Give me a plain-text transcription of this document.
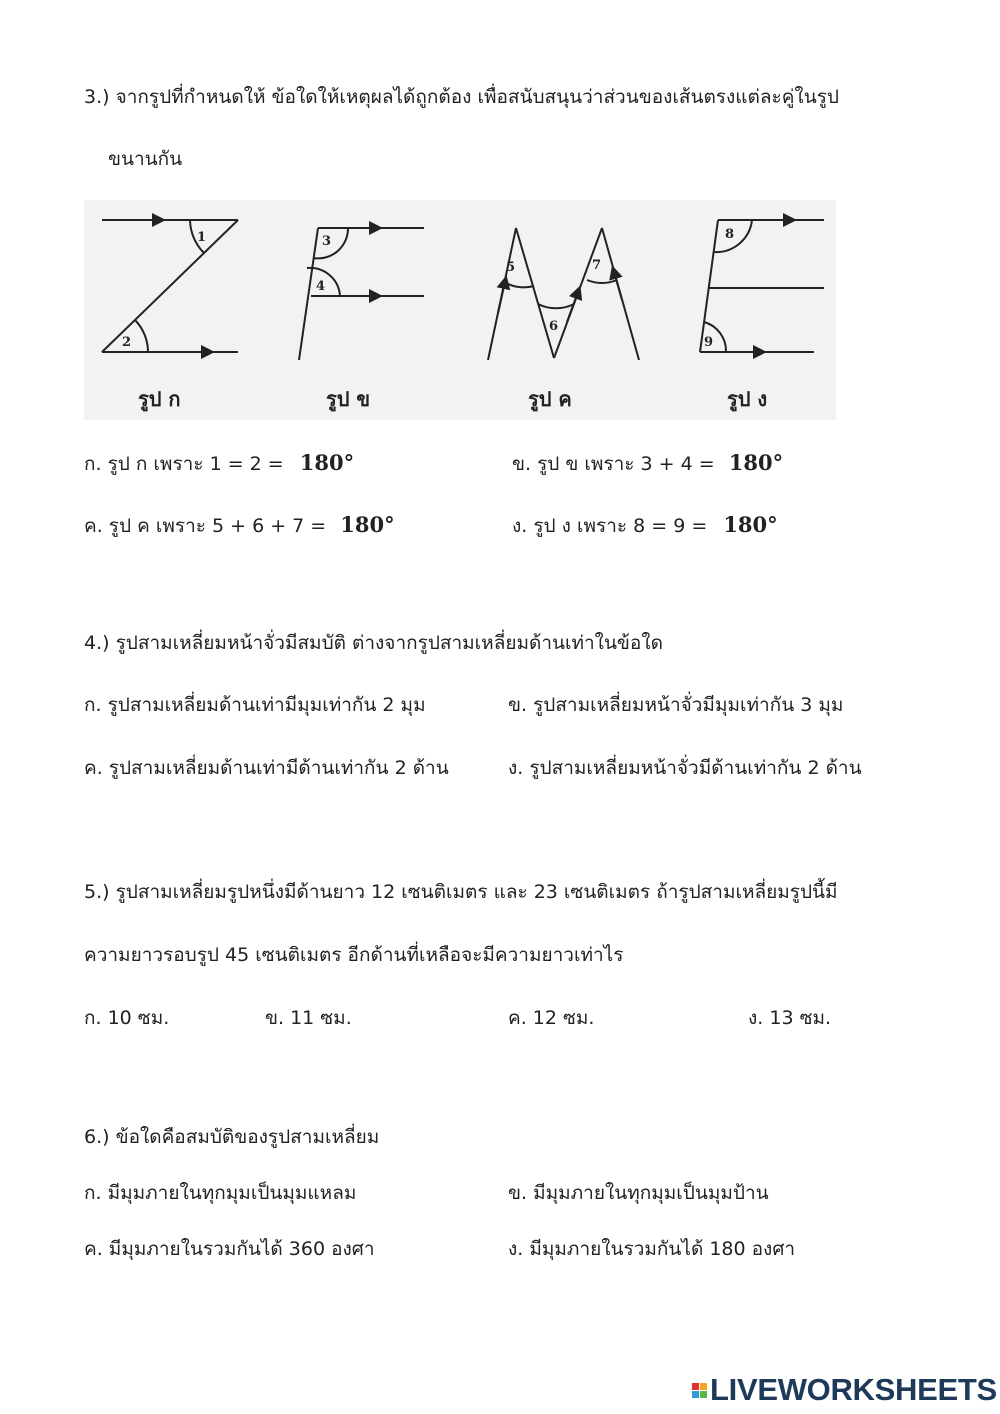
3.) จากรูปที่กำหนดให้ ข้อใดให้เหตุผลได้ถูกต้อง เพื่อสนับสนุนว่าส่วนของเส้นตรงแต่ละคู่ในรูป
ขนานกัน
1
2
3
4
5
6
7
8
9
รูป ก	รูป ข	รูป ค	รูป ง
ก. รูป ก เพราะ 1 = 2 = 180°	ข. รูป ข เพราะ 3 + 4 = 180°
ค. รูป ค เพราะ 5 + 6 + 7 = 180°	ง. รูป ง เพราะ 8 = 9 = 180°
4.) รูปสามเหลี่ยมหน้าจั่วมีสมบัติ ต่างจากรูปสามเหลี่ยมด้านเท่าในข้อใด
ก. รูปสามเหลี่ยมด้านเท่ามีมุมเท่ากัน 2 มุม	ข. รูปสามเหลี่ยมหน้าจั่วมีมุมเท่ากัน 3 มุม
ค. รูปสามเหลี่ยมด้านเท่ามีด้านเท่ากัน 2 ด้าน	ง. รูปสามเหลี่ยมหน้าจั่วมีด้านเท่ากัน 2 ด้าน
5.) รูปสามเหลี่ยมรูปหนึ่งมีด้านยาว 12 เซนติเมตร และ 23 เซนติเมตร ถ้ารูปสามเหลี่ยมรูปนี้มี
ความยาวรอบรูป 45 เซนติเมตร อีกด้านที่เหลือจะมีความยาวเท่าไร
ก. 10 ซม.	ข. 11 ซม.	ค. 12 ซม.	ง. 13 ซม.
6.) ข้อใดคือสมบัติของรูปสามเหลี่ยม
ก. มีมุมภายในทุกมุมเป็นมุมแหลม	ข. มีมุมภายในทุกมุมเป็นมุมป้าน
ค. มีมุมภายในรวมกันได้ 360 องศา	ง. มีมุมภายในรวมกันได้ 180 องศา
LIVEWORKSHEETS
